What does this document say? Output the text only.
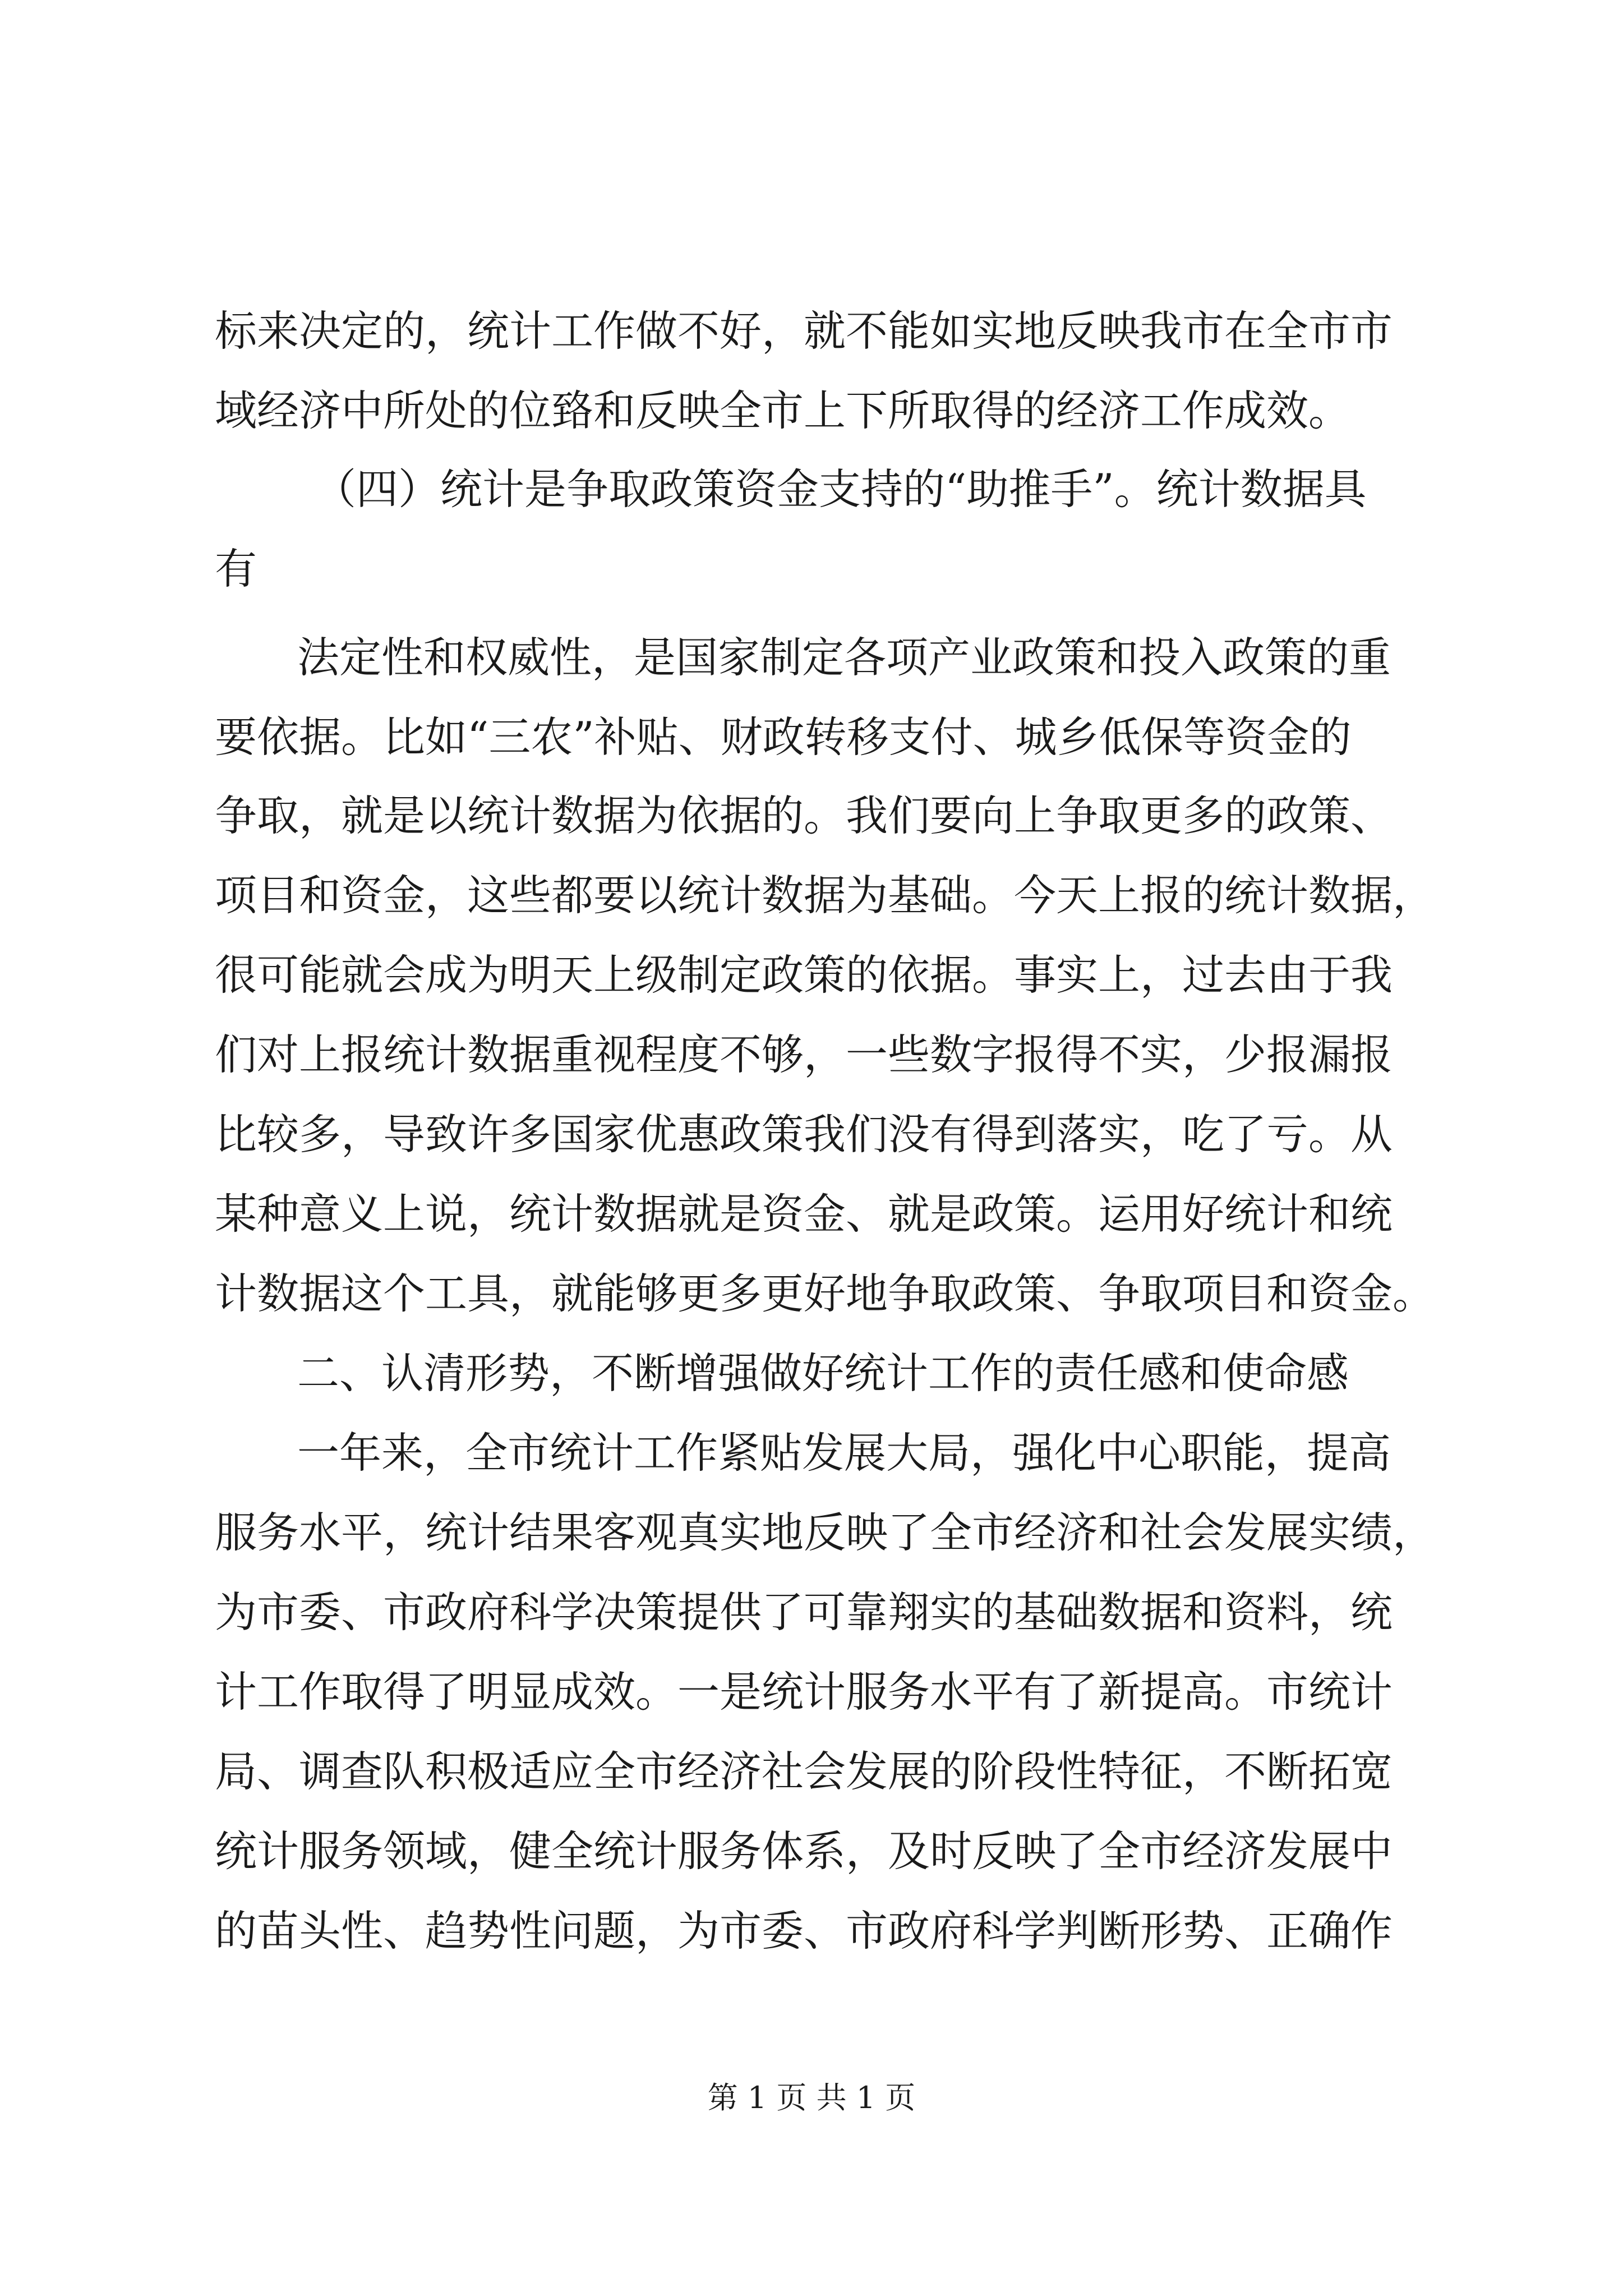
标来决定的，统计工作做不好，就不能如实地反映我市在全市市
域经济中所处的位臵和反映全市上下所取得的经济工作成效。
（四）统计是争取政策资金支持的“助推手”。统计数据具
有
法定性和权威性，是国家制定各项产业政策和投入政策的重
要依据。比如“三农”补贴、财政转移支付、城乡低保等资金的
争取，就是以统计数据为依据的。我们要向上争取更多的政策、
项目和资金，这些都要以统计数据为基础。今天上报的统计数据，
很可能就会成为明天上级制定政策的依据。事实上，过去由于我
们对上报统计数据重视程度不够，一些数字报得不实，少报漏报
比较多，导致许多国家优惠政策我们没有得到落实，吃了亏。从
某种意义上说，统计数据就是资金、就是政策。运用好统计和统
计数据这个工具，就能够更多更好地争取政策、争取项目和资金。
二、认清形势，不断增强做好统计工作的责任感和使命感
一年来，全市统计工作紧贴发展大局，强化中心职能，提高
服务水平，统计结果客观真实地反映了全市经济和社会发展实绩，
为市委、市政府科学决策提供了可靠翔实的基础数据和资料，统
计工作取得了明显成效。一是统计服务水平有了新提高。市统计
局、调查队积极适应全市经济社会发展的阶段性特征，不断拓宽
统计服务领域，健全统计服务体系，及时反映了全市经济发展中
的苗头性、趋势性问题，为市委、市政府科学判断形势、正确作
第 1 页 共 1 页
